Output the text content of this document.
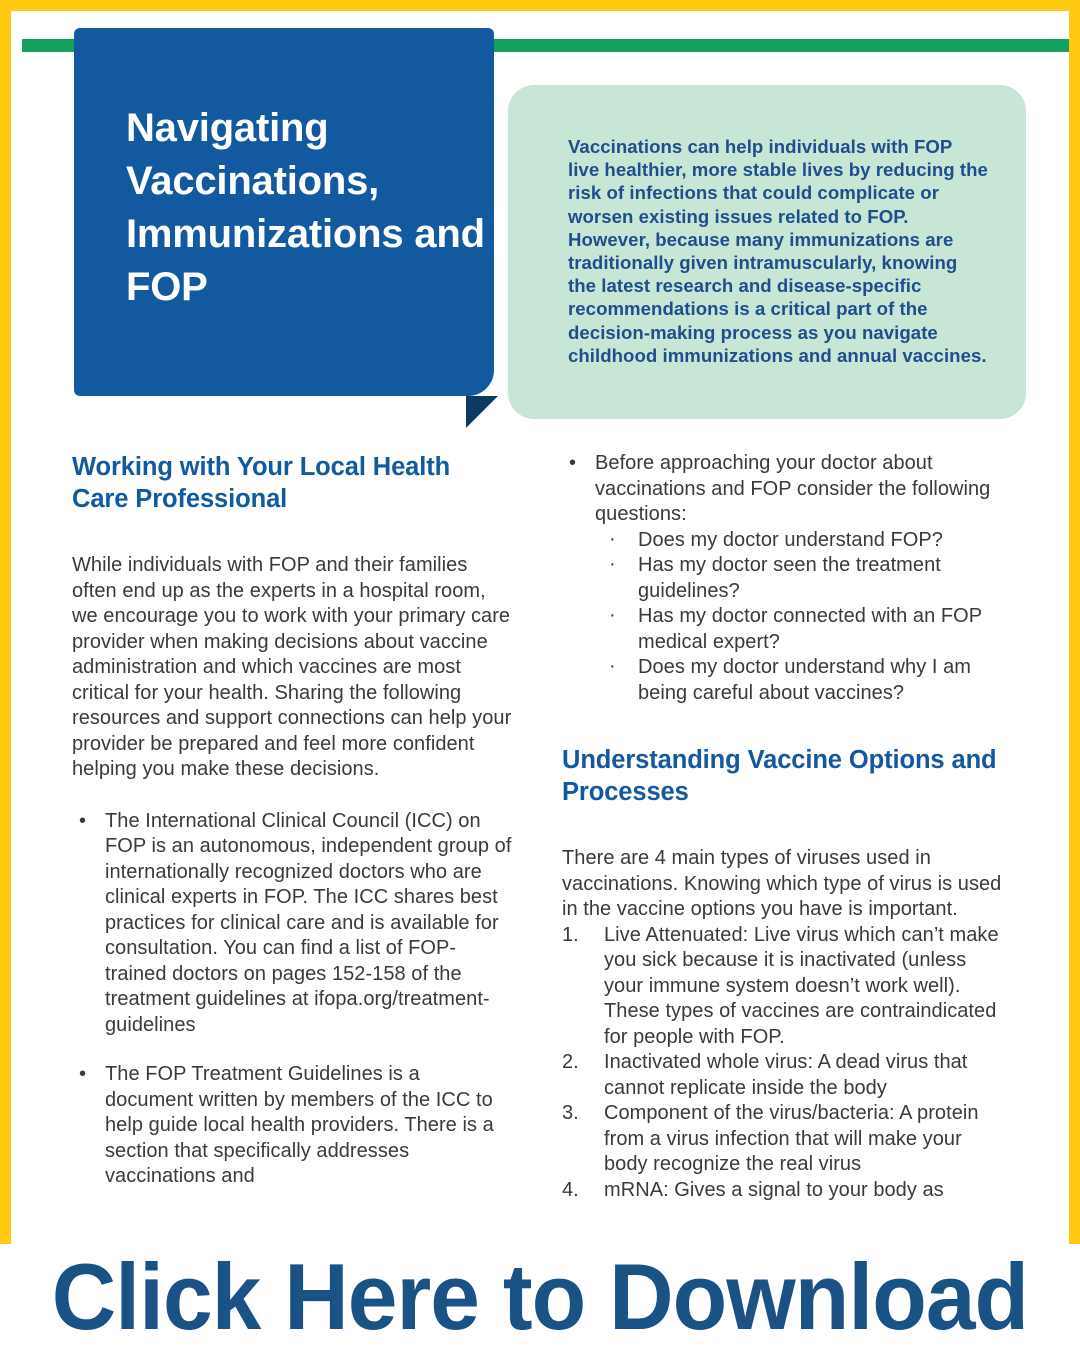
Vaccinations can help individuals with FOP live healthier, more stable lives by reducing the risk of infections that could complicate or worsen existing issues related to FOP. However, because many immunizations are traditionally given intramuscularly, knowing the latest research and disease-specific recommendations is a critical part of the decision-making process as you navigate childhood immunizations and annual vaccines.
Navigating Vaccinations, Immunizations and FOP
Working with Your Local Health Care Professional

While individuals with FOP and their families often end up as the experts in a hospital room, we encourage you to work with your primary care provider when making decisions about vaccine administration and which vaccines are most critical for your health. Sharing the following resources and support connections can help your provider be prepared and feel more confident helping you make these decisions.

• The International Clinical Council (ICC) on FOP is an autonomous, independent group of internationally recognized doctors who are clinical experts in FOP. The ICC shares best practices for clinical care and is available for consultation. You can find a list of FOP-trained doctors on pages 152-158 of the treatment guidelines at ifopa.org/treatment-guidelines
• The FOP Treatment Guidelines is a document written by members of the ICC to help guide local health providers. There is a section that specifically addresses vaccinations and
• Before approaching your doctor about vaccinations and FOP consider the following questions:
· Does my doctor understand FOP?
· Has my doctor seen the treatment guidelines?
· Has my doctor connected with an FOP medical expert?
· Does my doctor understand why I am being careful about vaccines?
Understanding Vaccine Options and Processes

There are 4 main types of viruses used in vaccinations. Knowing which type of virus is used in the vaccine options you have is important.

1.	Live Attenuated: Live virus which can’t make you sick because it is inactivated (unless your immune system doesn’t work well). These types of vaccines are contraindicated for people with FOP.
2.	Inactivated whole virus: A dead virus that cannot replicate inside the body
3.	Component of the virus/bacteria: A protein from a virus infection that will make your body recognize the real virus
4.	mRNA: Gives a signal to your body as
Click Here to Download
